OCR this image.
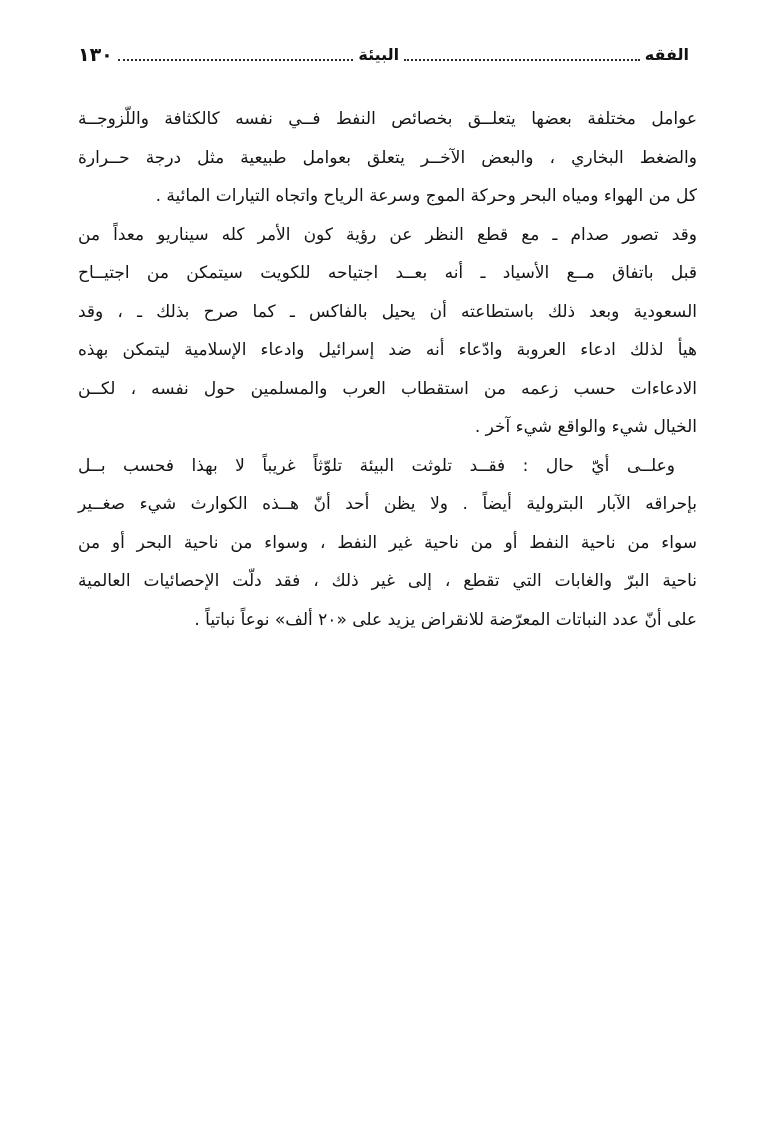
الفقه
البيئة
١٣٠
عوامل مختلفة بعضها يتعلــق بخصائص النفط فــي نفسه كالكثافة واللّزوجــة
والضغط البخاري ، والبعض الآخــر يتعلق بعوامل طبيعية مثل درجة حــرارة
كل من الهواء ومياه البحر وحركة الموج وسرعة الرياح واتجاه التيارات المائية .
وقد تصور صدام ـ مع قطع النظر عن رؤية كون الأمر كله سيناريو معداً من
قبل باتفاق مــع الأسياد ـ أنه بعــد اجتياحه للكويت سيتمكن من اجتيــاح
السعودية وبعد ذلك باستطاعته أن يحيل بالفاكس ـ كما صرح بذلك ـ ، وقد
هيأ لذلك ادعاء العروبة وادّعاء أنه ضد إسرائيل وادعاء الإسلامية ليتمكن بهذه
الادعاءات حسب زعمه من استقطاب العرب والمسلمين حول نفسه ، لكــن
الخيال شيء والواقع شيء آخر .
وعلــى أيّ حال : فقــد تلوثت البيئة تلوّثاً غريباً لا بهذا فحسب بــل
بإحراقه الآبار البترولية أيضاً . ولا يظن أحد أنّ هــذه الكوارث شيء صغــير
سواء من ناحية النفط أو من ناحية غير النفط ، وسواء من ناحية البحر أو من
ناحية البرّ والغابات التي تقطع ، إلى غير ذلك ، فقد دلّت الإحصائيات العالمية
على أنّ عدد النباتات المعرّضة للانقراض يزيد على «٢٠ ألف» نوعاً نباتياً .
